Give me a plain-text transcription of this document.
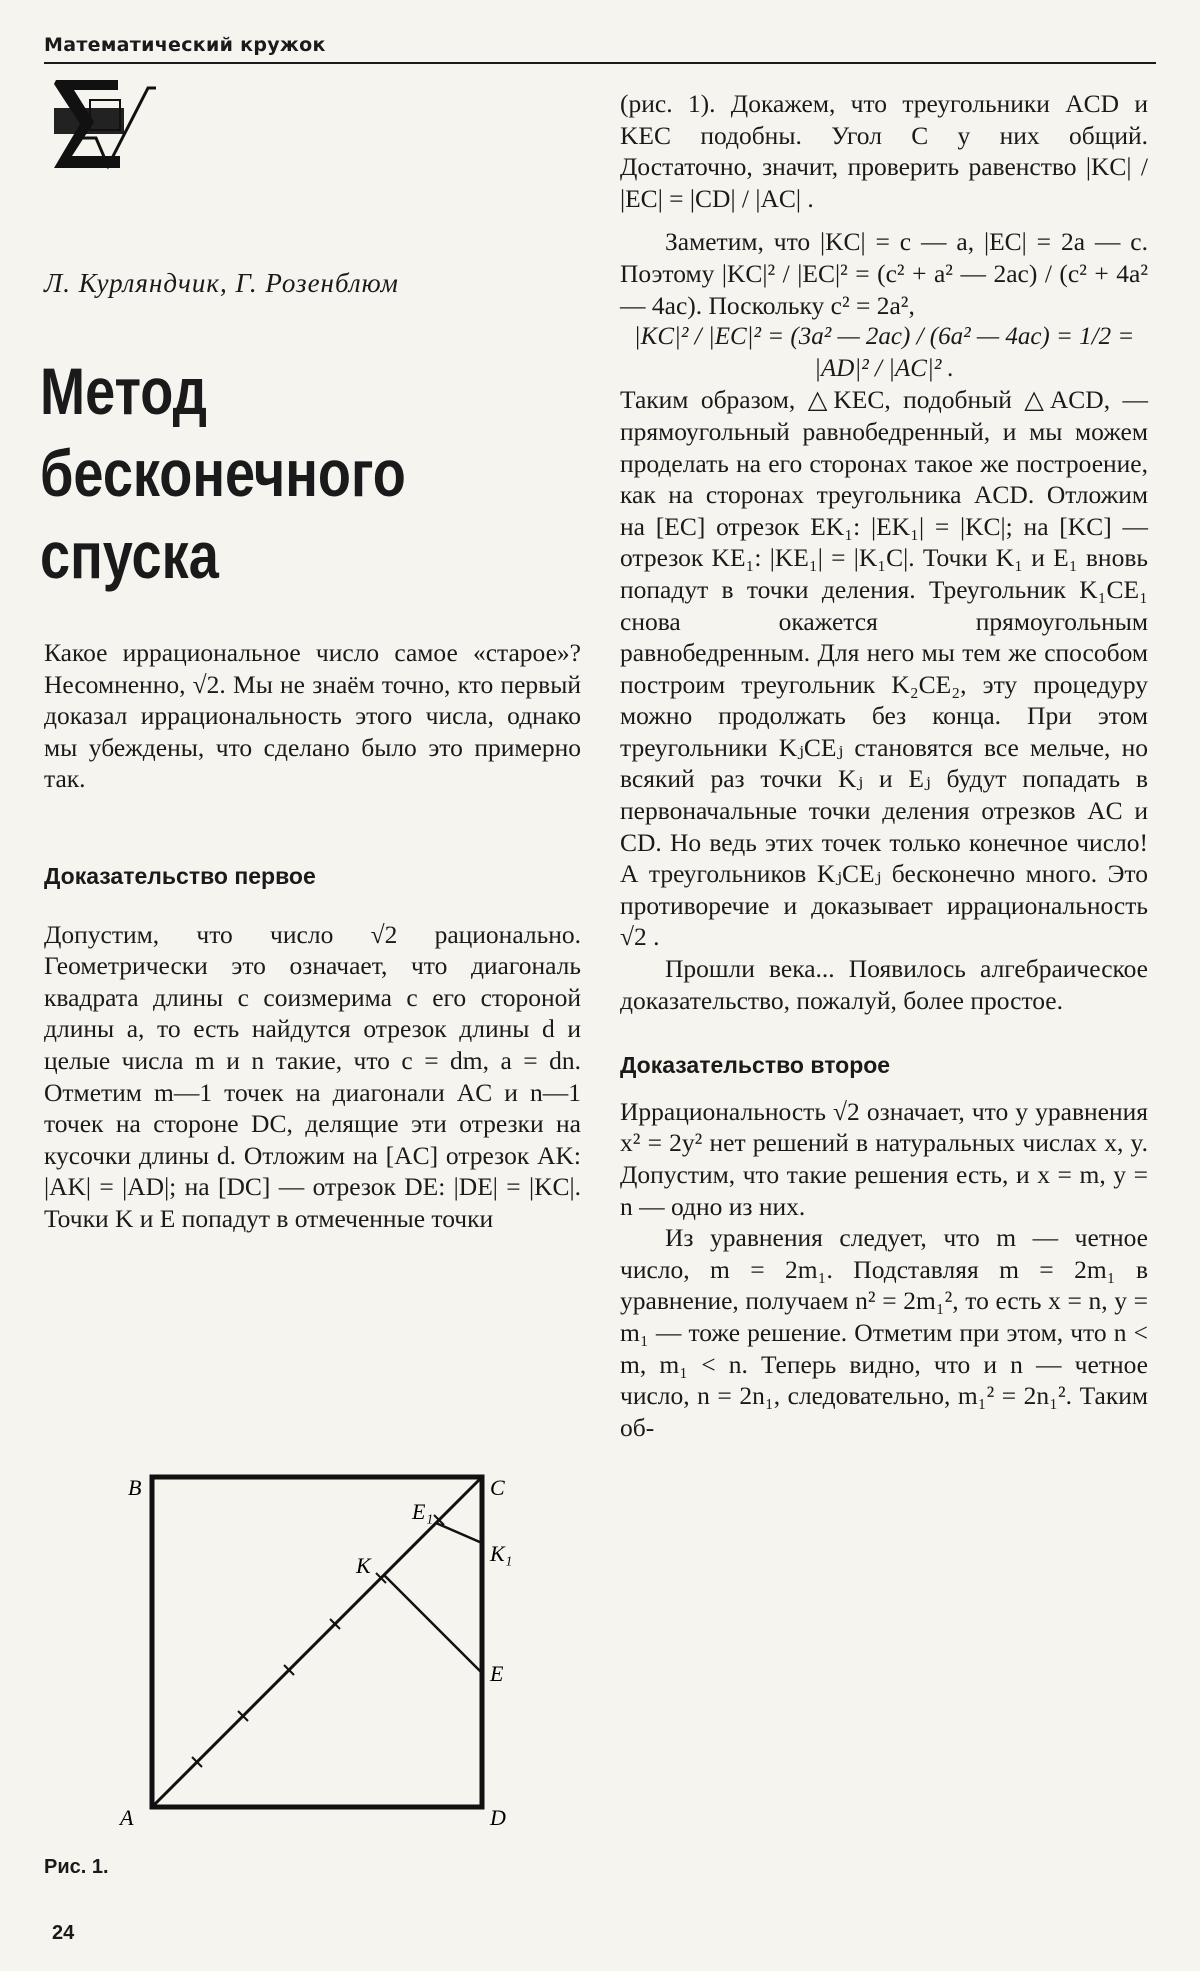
Математический кружок
Л. Курляндчик, Г. Розенблюм
Метод
бесконечного
спуска

Какое иррациональное число самое «старое»? Несомненно, √2. Мы не знаём точно, кто первый доказал иррациональность этого числа, однако мы убеждены, что сделано было это примерно так.

Доказательство первое

Допустим, что число √2 рационально. Геометрически это означает, что диагональ квадрата длины c соизмерима с его стороной длины a, то есть найдутся отрезок длины d и целые числа m и n такие, что c = dm, a = dn. Отметим m—1 точек на диагонали AC и n—1 точек на стороне DC, делящие эти отрезки на кусочки длины d. Отложим на [AC] отрезок AK: |AK| = |AD|; на [DC] — отрезок DE: |DE| = |KC|. Точки K и E попадут в отмеченные точки

(рис. 1). Докажем, что треугольники ACD и KEC подобны. Угол C у них общий. Достаточно, значит, проверить равенство |KC| / |EC| = |CD| / |AC| .

Заметим, что |KC| = c — a, |EC| = 2a — c. Поэтому |KC|² / |EC|² = (c² + a² — 2ac) / (c² + 4a² — 4ac). Поскольку c² = 2a²,

|KC|² / |EC|² = (3a² — 2ac) / (6a² — 4ac) = 1/2 = |AD|² / |AC|² .

Таким образом, △KEC, подобный △ACD, — прямоугольный равнобедренный, и мы можем проделать на его сторонах такое же построение, как на сторонах треугольника ACD. Отложим на [EC] отрезок EK₁: |EK₁| = |KC|; на [KC] — отрезок KE₁: |KE₁| = |K₁C|. Точки K₁ и E₁ вновь попадут в точки деления. Треугольник K₁CE₁ снова окажется прямоугольным равнобедренным. Для него мы тем же способом построим треугольник K₂CE₂, эту процедуру можно продолжать без конца. При этом треугольники KⱼCEⱼ становятся все мельче, но всякий раз точки Kⱼ и Eⱼ будут попадать в первоначальные точки деления отрезков AC и CD. Но ведь этих точек только конечное число! А треугольников KⱼCEⱼ бесконечно много. Это противоречие и доказывает иррациональность √2 .

Прошли века... Появилось алгебраическое доказательство, пожалуй, более простое.

Доказательство второе

Иррациональность √2 означает, что у уравнения x² = 2y² нет решений в натуральных числах x, y. Допустим, что такие решения есть, и x = m, y = n — одно из них.

Из уравнения следует, что m — четное число, m = 2m₁. Подставляя m = 2m₁ в уравнение, получаем n² = 2m₁², то есть x = n, y = m₁ — тоже решение. Отметим при этом, что n < m, m₁ < n. Теперь видно, что и n — четное число, n = 2n₁, следовательно, m₁² = 2n₁². Таким об-

B	C
A	D
E
K
E₁
K₁
Рис. 1.
24
